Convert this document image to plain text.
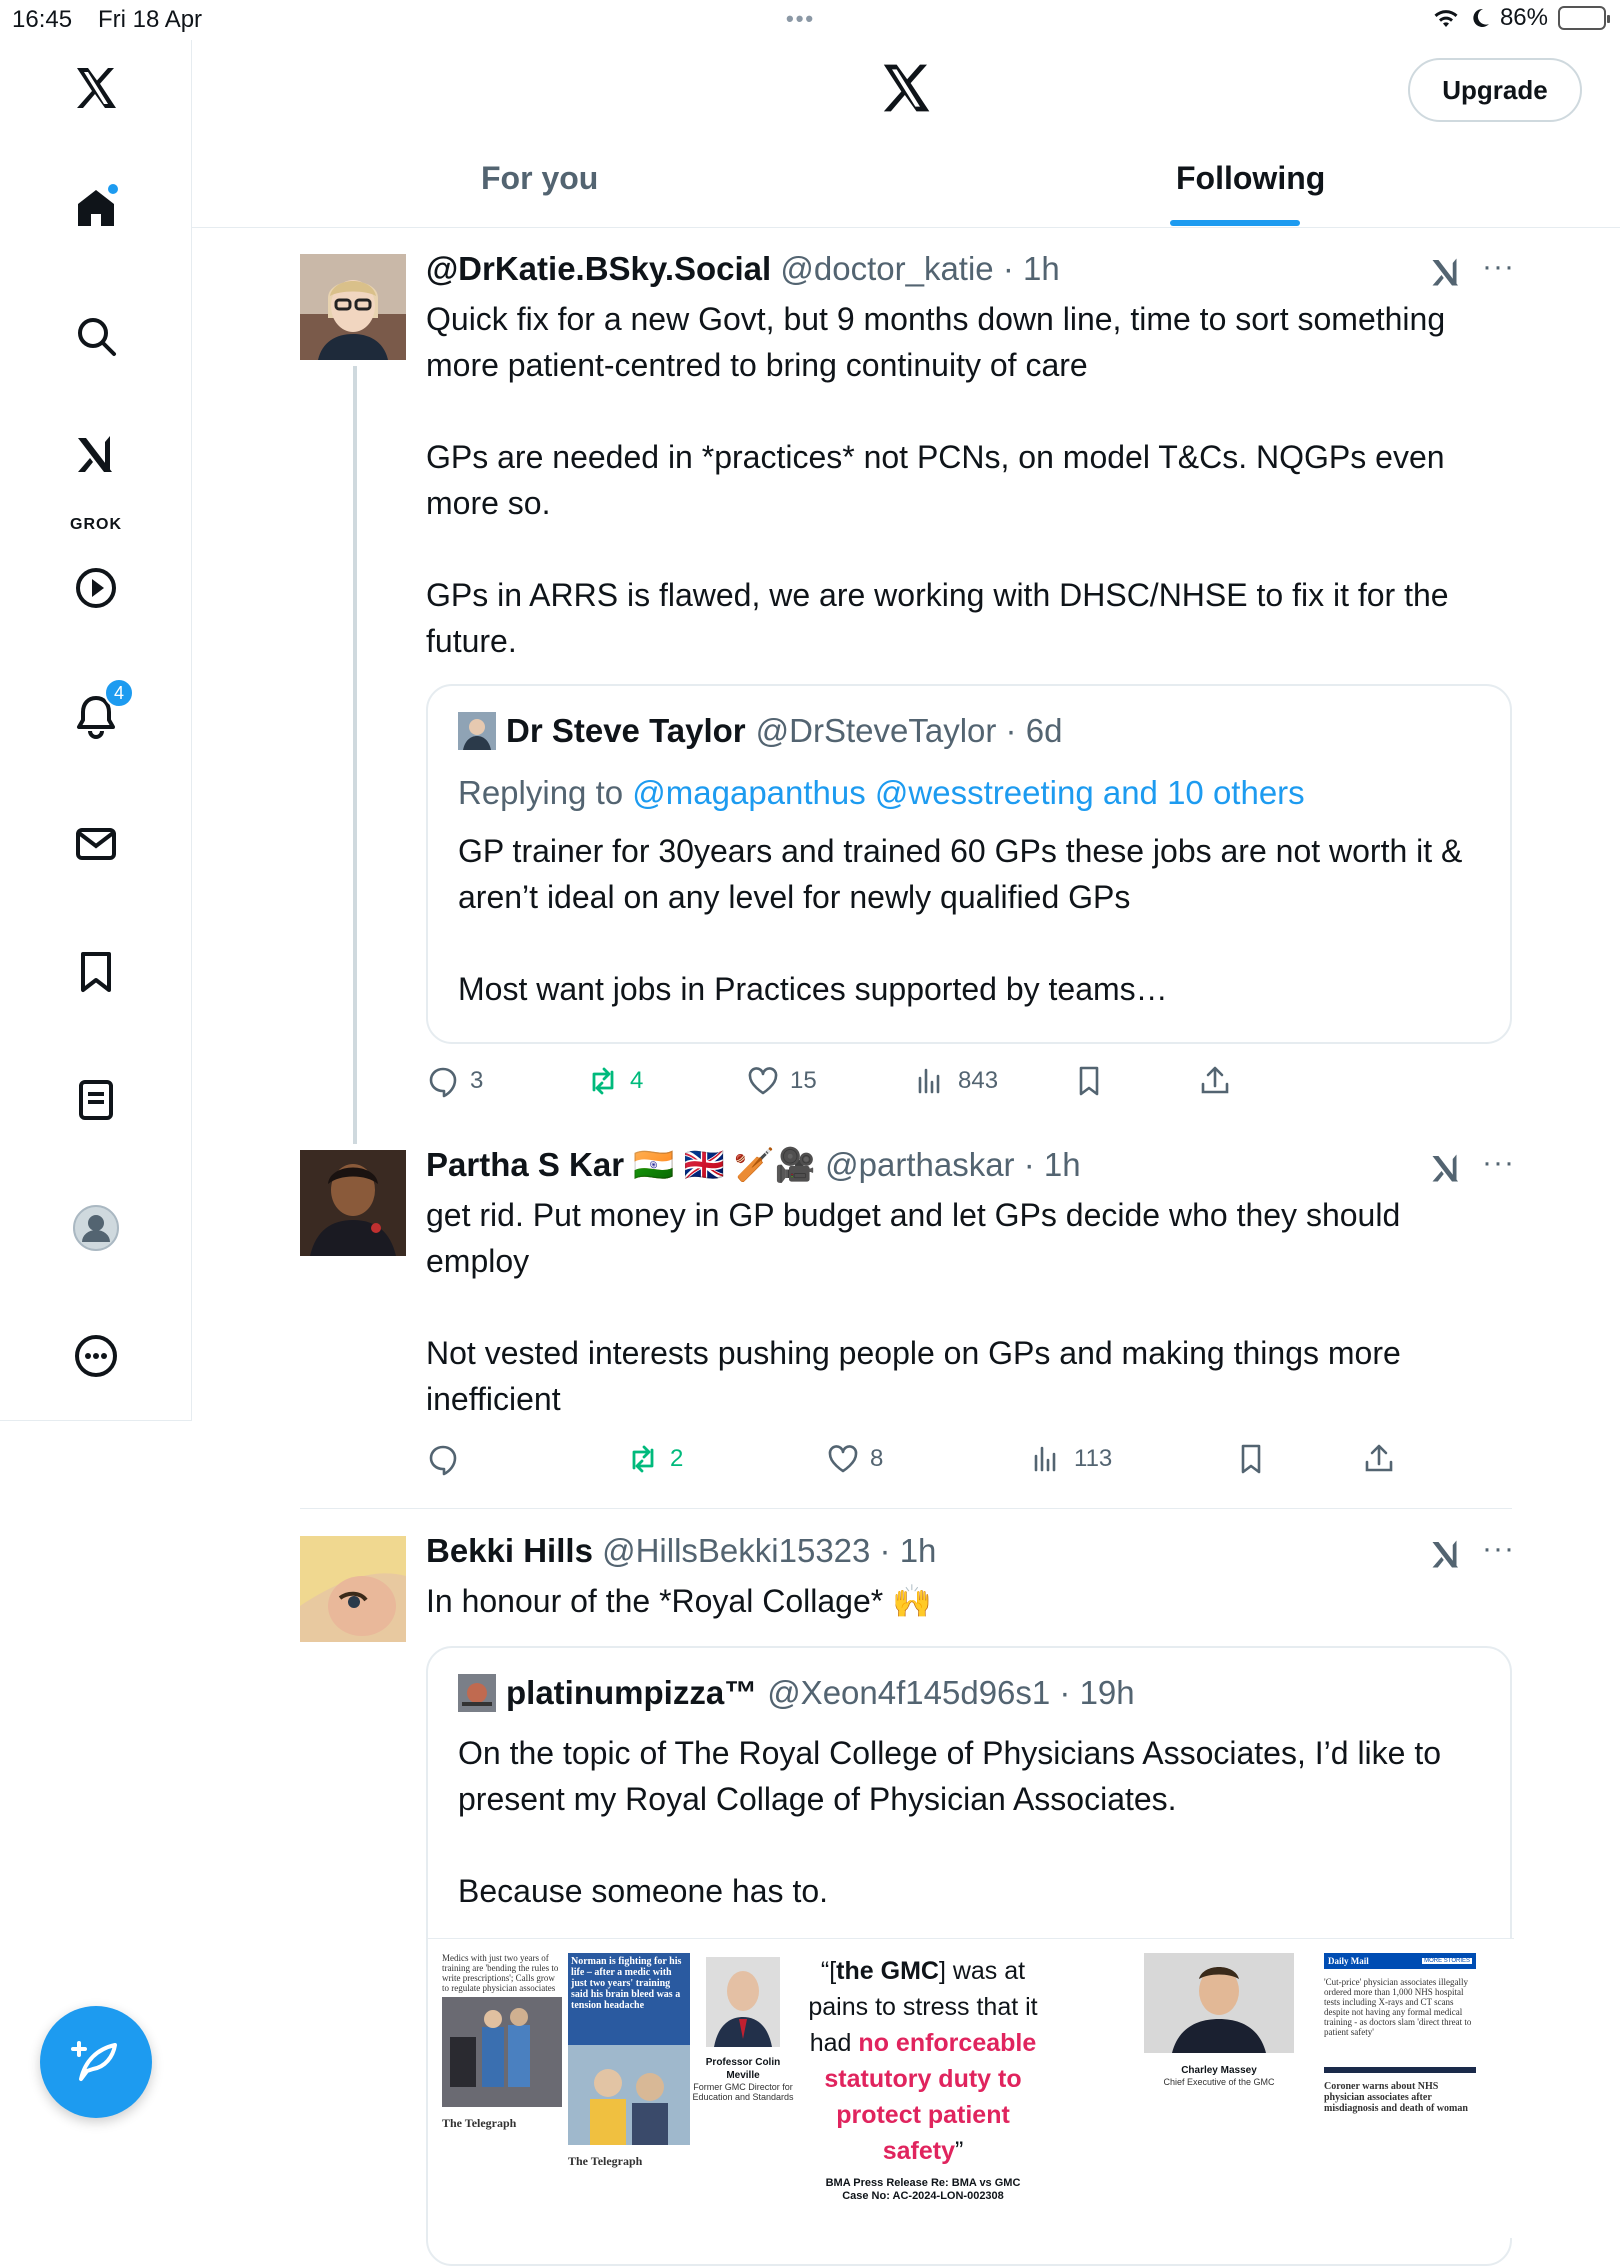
16:45 Fri 18 Apr	•••	86%
GROK
4
Upgrade
For you	Following
@DrKatie.BSky.Social @doctor_katie · 1h	···
Quick fix for a new Govt, but 9 months down line, time to sort something more patient-centred to bring continuity of care

GPs are needed in *practices* not PCNs, on model T&Cs. NQGPs even more so.

GPs in ARRS is flawed, we are working with DHSC/NHSE to fix it for the future.
Dr Steve Taylor @DrSteveTaylor · 6d
Replying to @magapanthus @wesstreeting and 10 others
GP trainer for 30years and trained 60 GPs these jobs are not worth it & aren’t ideal on any level for newly qualified GPs

Most want jobs in Practices supported by teams…
3	4	15	843
Partha S Kar 🇮🇳 🇬🇧 🏏🎥 @parthaskar · 1h	···
get rid. Put money in GP budget and let GPs decide who they should employ

Not vested interests pushing people on GPs and making things more inefficient
2	8	113
Bekki Hills @HillsBekki15323 · 1h	···
In honour of the *Royal Collage* 🙌
platinumpizza™ @Xeon4f145d96s1 · 19h
On the topic of The Royal College of Physicians Associates, I’d like to present my Royal Collage of Physician Associates.

Because someone has to.
Medics with just two years of training are 'bending the rules to write prescriptions'; Calls grow to regulate physician associates
The Telegraph
Norman is fighting for his life – after a medic with just two years' training said his brain bleed was a tension headache
The Telegraph
Professor Colin Meville
Former GMC Director for Education and Standards
“[the GMC] was at pains to stress that it had no enforceable statutory duty to protect patient safety”
BMA Press Release Re: BMA vs GMC
Case No: AC-2024-LON-002308
Charley Massey
Chief Executive of the GMC
Daily Mail	MORE STORIES
'Cut-price' physician associates illegally ordered more than 1,000 NHS hospital tests including X-rays and CT scans despite not having any formal medical training - as doctors slam 'direct threat to patient safety'
Coroner warns about NHS physician associates after misdiagnosis and death of woman
